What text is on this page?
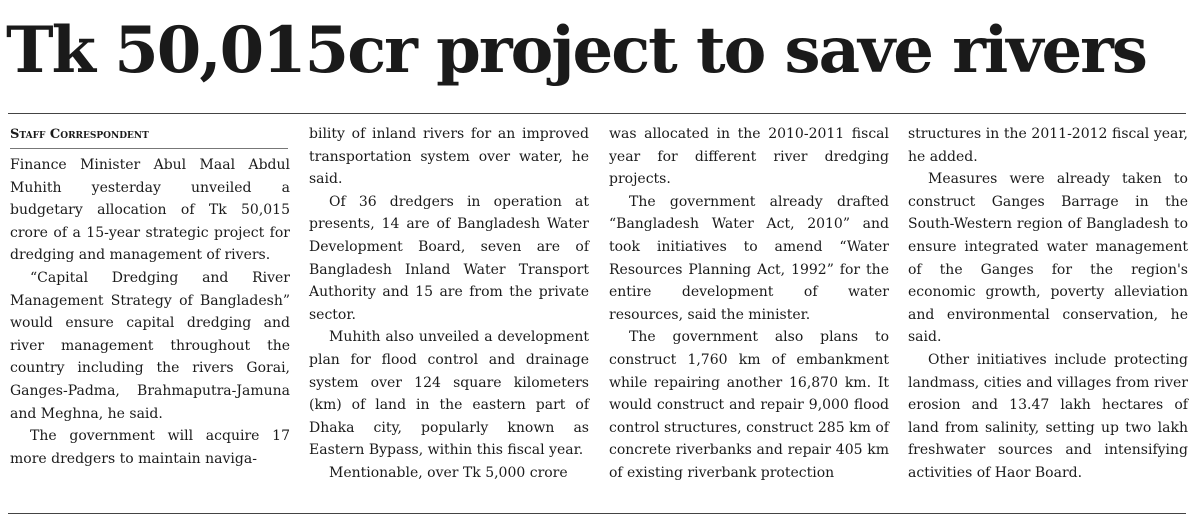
Tk 50,015cr project to save rivers
Staff Correspondent

Finance Minister Abul Maal Abdul Muhith yesterday unveiled a budgetary allocation of Tk 50,015 crore of a 15-year strategic project for dredging and management of rivers.

“Capital Dredging and River Management Strategy of Bangladesh” would ensure capital dredging and river management throughout the country including the rivers Gorai, Ganges-Padma, Brahmaputra-Jamuna and Meghna, he said.

The government will acquire 17 more dredgers to maintain naviga-

bility of inland rivers for an improved transportation system over water, he said.

Of 36 dredgers in operation at presents, 14 are of Bangladesh Water Development Board, seven are of Bangladesh Inland Water Transport Authority and 15 are from the private sector.

Muhith also unveiled a development plan for flood control and drainage system over 124 square kilometers (km) of land in the eastern part of Dhaka city, popularly known as Eastern Bypass, within this fiscal year.

Mentionable, over Tk 5,000 crore

was allocated in the 2010-2011 fiscal year for different river dredging projects.

The government already drafted “Bangladesh Water Act, 2010” and took initiatives to amend “Water Resources Planning Act, 1992” for the entire development of water resources, said the minister.

The government also plans to construct 1,760 km of embankment while repairing another 16,870 km. It would construct and repair 9,000 flood control structures, construct 285 km of concrete riverbanks and repair 405 km of existing riverbank protection

structures in the 2011-2012 fiscal year, he added.

Measures were already taken to construct Ganges Barrage in the South-Western region of Bangladesh to ensure integrated water management of the Ganges for the region's economic growth, poverty alleviation and environmental conservation, he said.

Other initiatives include protecting landmass, cities and villages from river erosion and 13.47 lakh hectares of land from salinity, setting up two lakh freshwater sources and intensifying activities of Haor Board.
